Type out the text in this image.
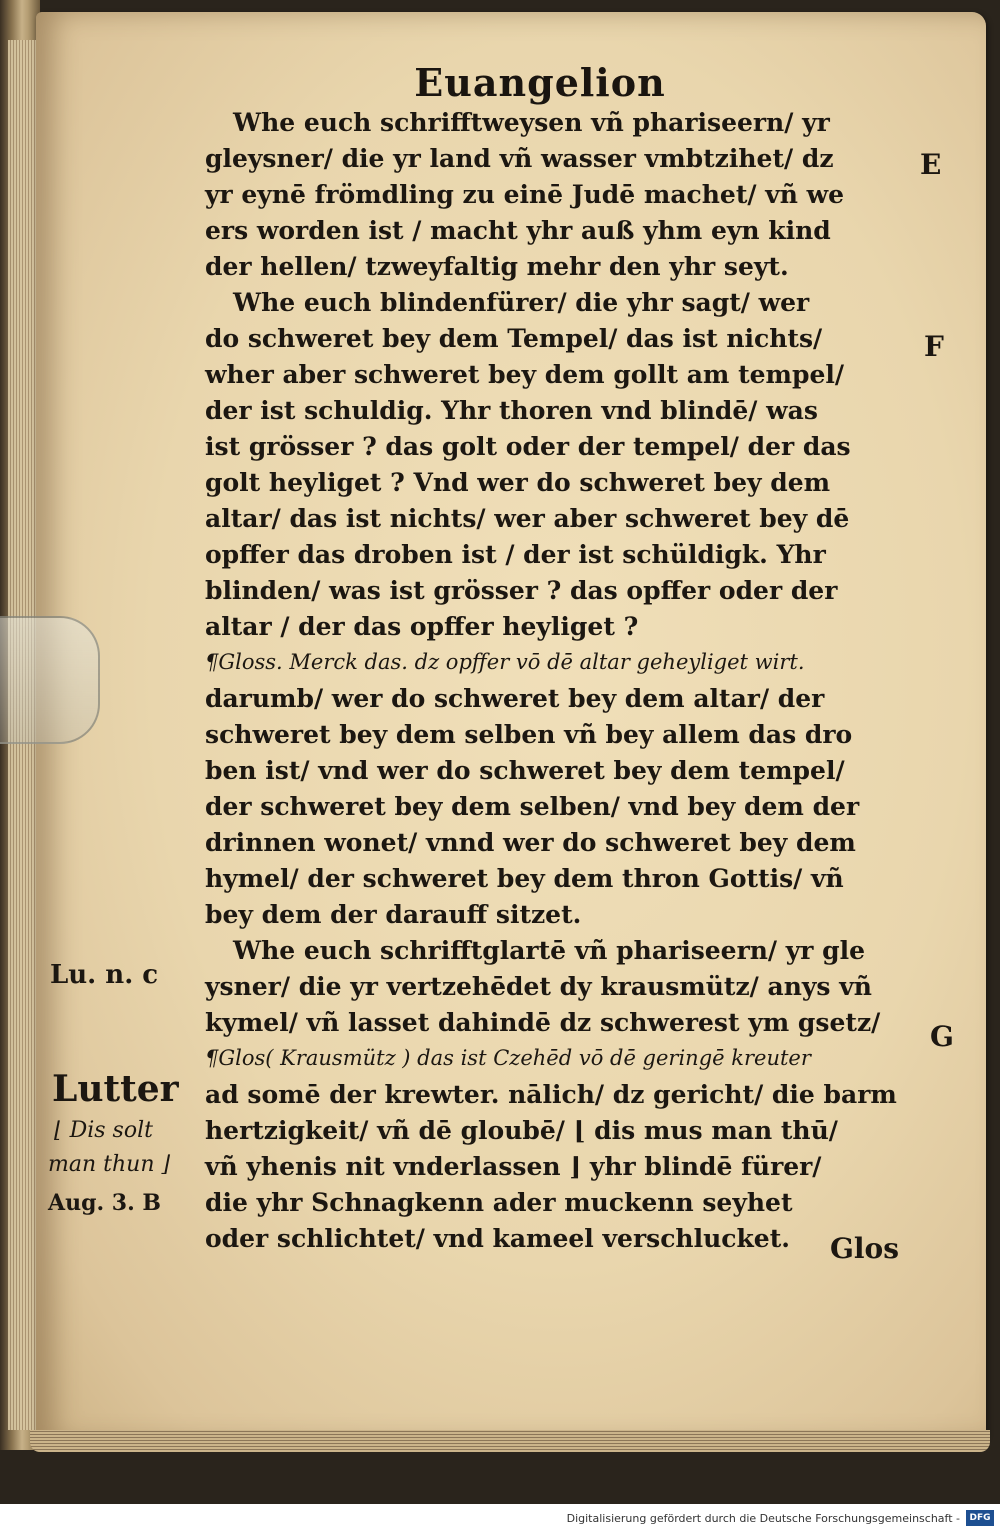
Euangelion
Whe euch schrifftweysen vñ phariseern/ yr
gleysner/ die yr land vñ wasser vmbtzihet/ dz
yr eynē frömdling zu einē Judē machet/ vñ we
ers worden ist / macht yhr auß yhm eyn kind
der hellen/ tzweyfaltig mehr den yhr seyt.
Whe euch blindenfürer/ die yhr sagt/ wer
do schweret bey dem Tempel/ das ist nichts/
wher aber schweret bey dem gollt am tempel/
der ist schuldig. Yhr thoren vnd blindē/ was
ist grösser ? das golt oder der tempel/ der das
golt heyliget ? Vnd wer do schweret bey dem
altar/ das ist nichts/ wer aber schweret bey dē
opffer das droben ist / der ist schüldigk. Yhr
blinden/ was ist grösser ? das opffer oder der
altar / der das opffer heyliget ?
¶Gloss. Merck das. dz opffer vō dē altar geheyliget wirt.
darumb/ wer do schweret bey dem altar/ der
schweret bey dem selben vñ bey allem das dro
ben ist/ vnd wer do schweret bey dem tempel/
der schweret bey dem selben/ vnd bey dem der
drinnen wonet/ vnnd wer do schweret bey dem
hymel/ der schweret bey dem thron Gottis/ vñ
bey dem der darauff sitzet.
Whe euch schrifftglartē vñ phariseern/ yr gle
ysner/ die yr vertzehēdet dy krausmütz/ anys vñ
kymel/ vñ lasset dahindē dz schwerest ym gsetz/
¶Glos( Krausmütz ) das ist Czehēd vō dē geringē kreuter
ad somē der krewter. nālich/ dz gericht/ die barm
hertzigkeit/ vñ dē gloubē/ ⌊ dis mus man thū/
vñ yhenis nit vnderlassen ⌋ yhr blindē fürer/
die yhr Schnagkenn ader muckenn seyhet
oder schlichtet/ vnd kameel verschlucket. Glos
E
F
G
Lu. n. c
Lutter
⌊ Dis solt
man thun ⌋
Aug. 3. B
Digitalisierung gefördert durch die Deutsche Forschungsgemeinschaft -	DFG
